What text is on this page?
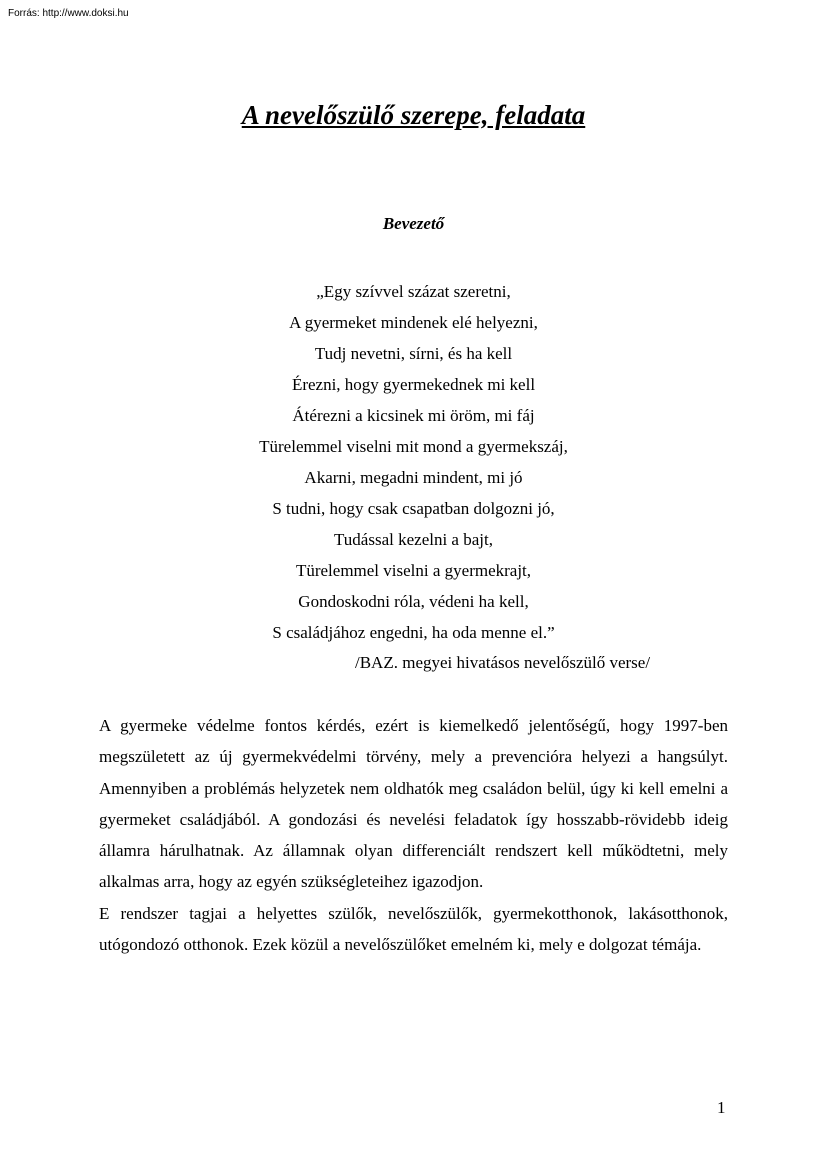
Forrás: http://www.doksi.hu
A nevelőszülő szerepe, feladata
Bevezető
„Egy szívvel százat szeretni,
A gyermeket mindenek elé helyezni,
Tudj nevetni, sírni, és ha kell
Érezni, hogy gyermekednek mi kell
Átérezni a kicsinek mi öröm, mi fáj
Türelemmel viselni mit mond a gyermekszáj,
Akarni, megadni mindent, mi jó
S tudni, hogy csak csapatban dolgozni jó,
Tudással kezelni a bajt,
Türelemmel viselni a gyermekrajt,
Gondoskodni róla, védeni ha kell,
S családjához engedni, ha oda menne el.”

/BAZ. megyei hivatásos nevelőszülő verse/

A gyermeke védelme fontos kérdés, ezért is kiemelkedő jelentőségű, hogy 1997-ben megszületett az új gyermekvédelmi törvény, mely a prevencióra helyezi a hangsúlyt. Amennyiben a problémás helyzetek nem oldhatók meg családon belül, úgy ki kell emelni a gyermeket családjából. A gondozási és nevelési feladatok így hosszabb-rövidebb ideig államra hárulhatnak. Az államnak olyan differenciált rendszert kell működtetni, mely alkalmas arra, hogy az egyén szükségleteihez igazodjon.

E rendszer tagjai a helyettes szülők, nevelőszülők, gyermekotthonok, lakásotthonok, utógondozó otthonok. Ezek közül a nevelőszülőket emelném ki, mely e dolgozat témája.

1
